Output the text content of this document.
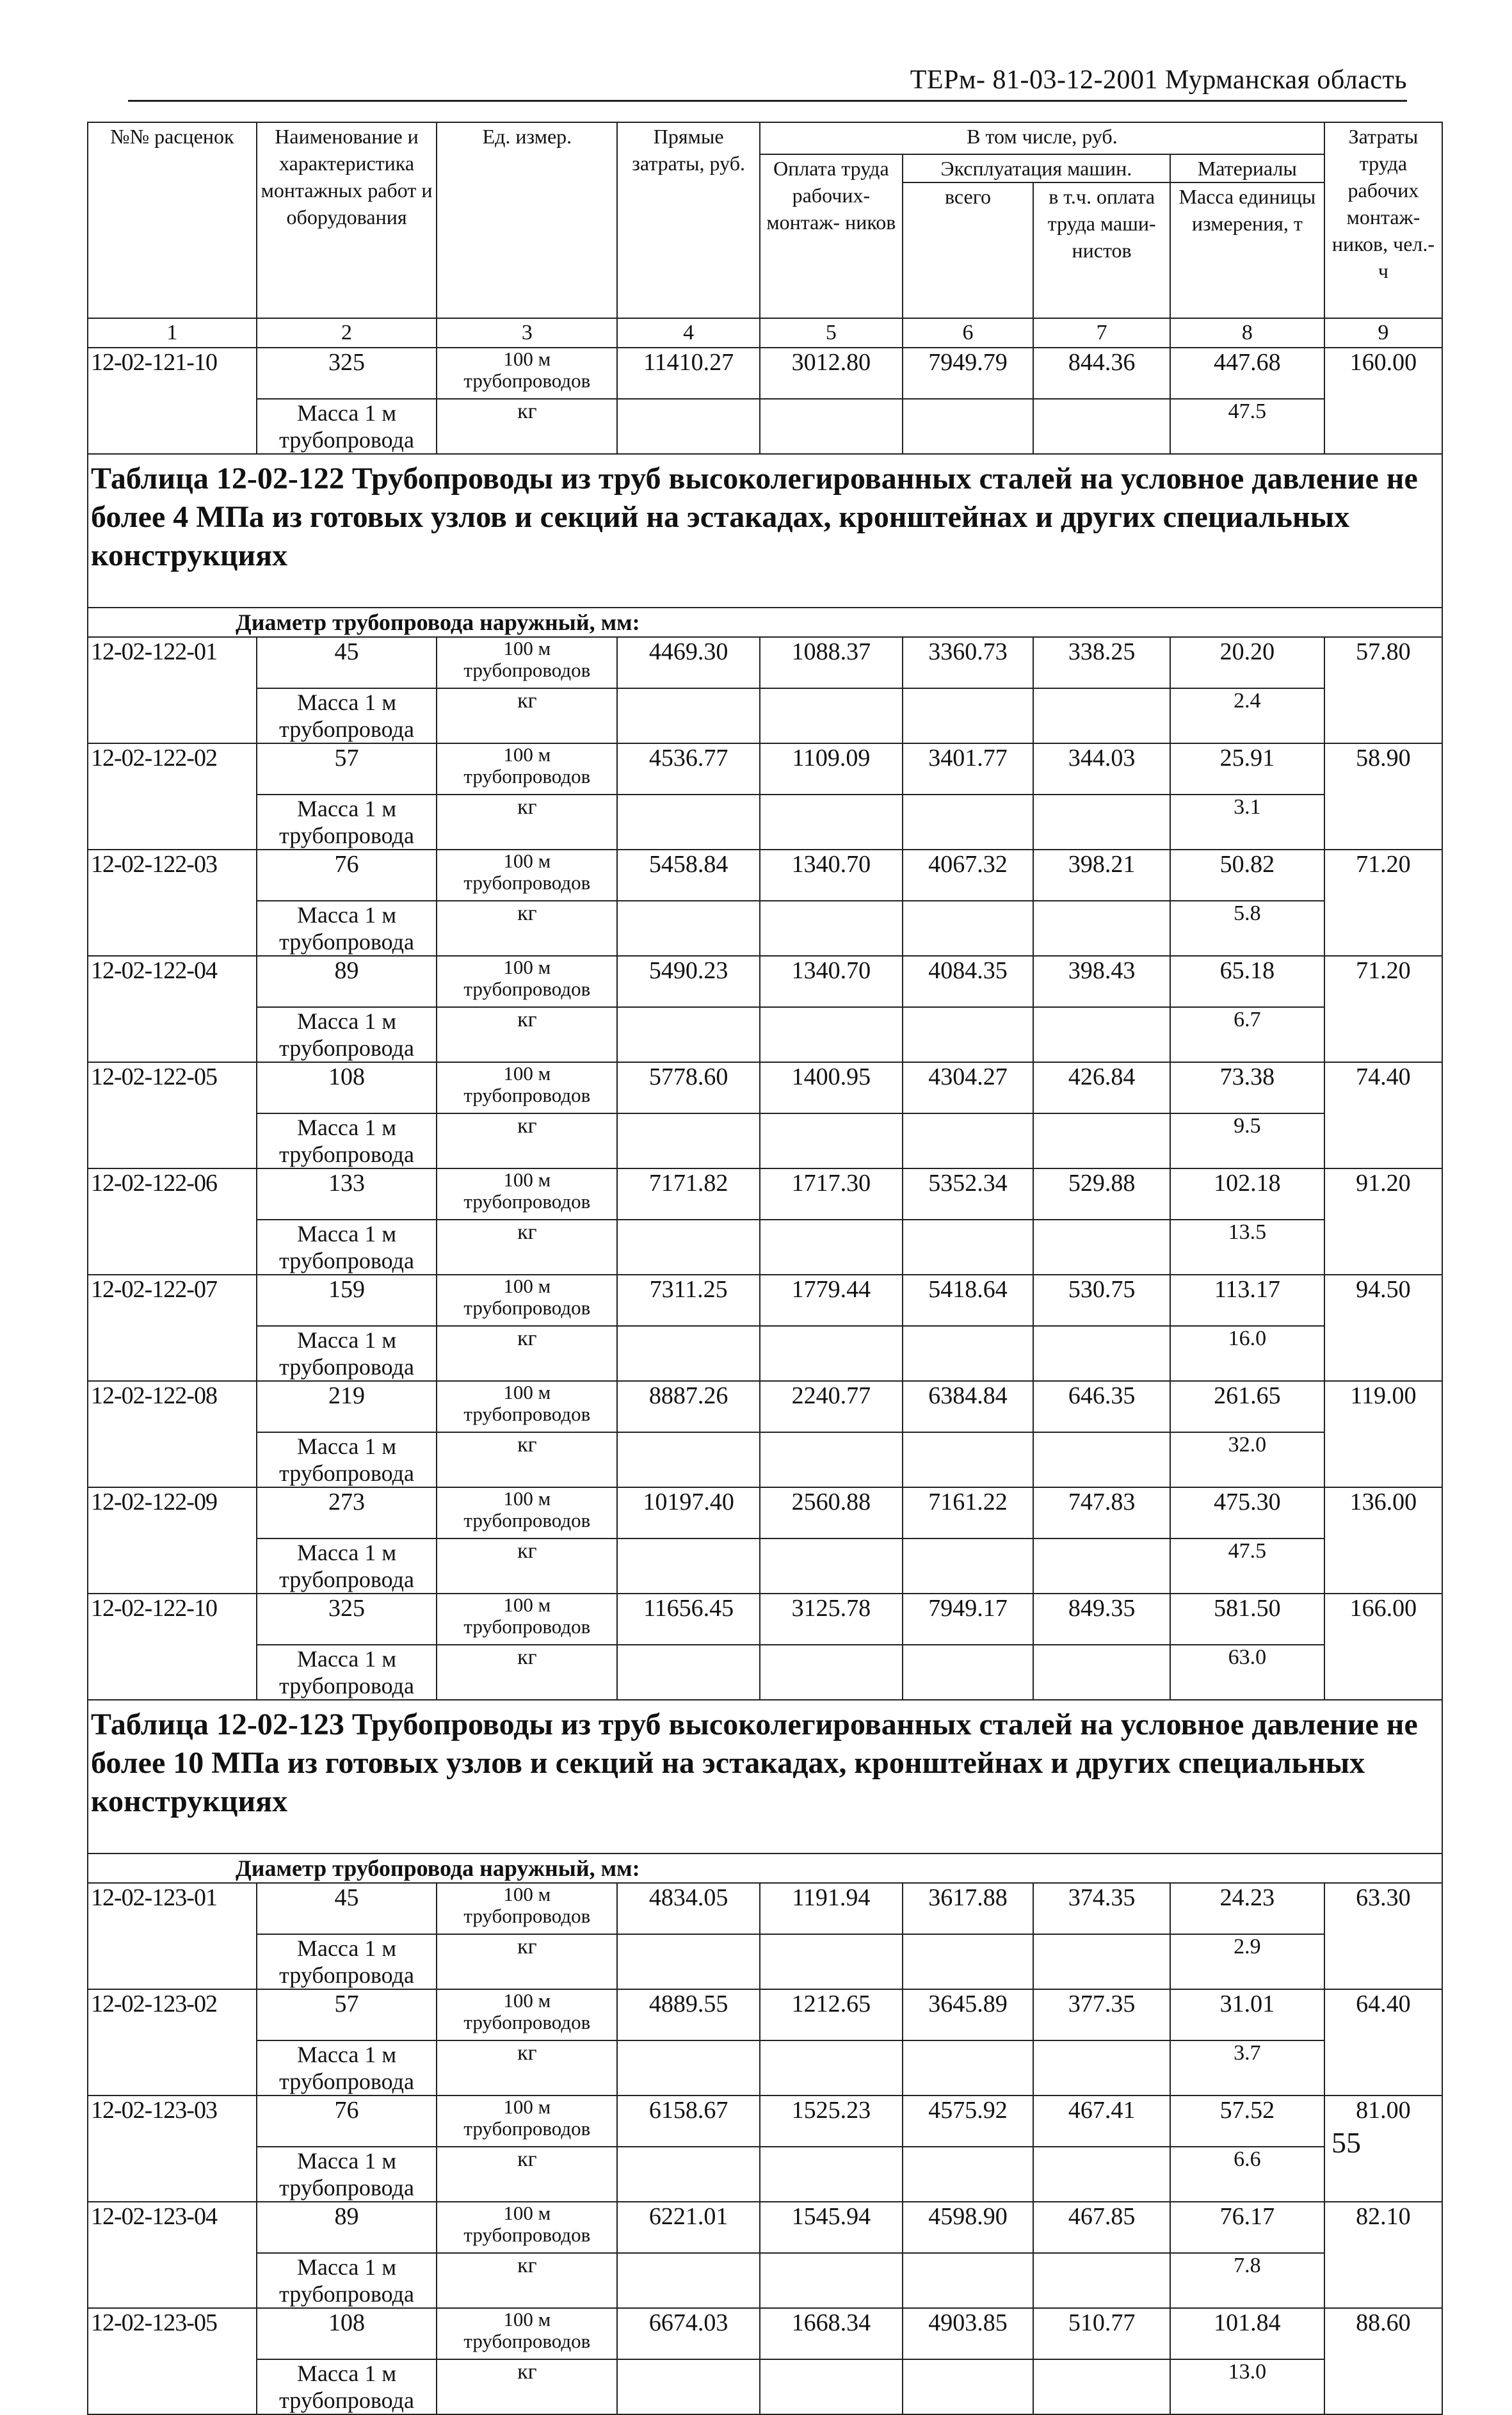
ТЕРм- 81-03-12-2001 Мурманская область
№№ расценок	Наименование и характеристика монтажных работ и оборудования	Ед. измер.	Прямые затраты, руб.	В том числе, руб.				Затраты труда рабочих монтаж- ников, чел.-ч
				Оплата труда рабочих-монтаж- ников	Эксплуатация машин.		Материалы	
					всего	в т.ч. оплата труда маши- нистов	Масса единицы измерения, т	
1	2	3	4	5	6	7	8	9
12-02-121-10	325	100 м трубопроводов	11410.27	3012.80	7949.79	844.36	447.68	160.00
	Масса 1 м трубопровода	кг					47.5	
Таблица 12-02-122 Трубопроводы из труб высоколегированных сталей на условное давление не более 4 МПа из готовых узлов и секций на эстакадах, кронштейнах и других специальных конструкциях								
Диаметр трубопровода наружный, мм:								
12-02-122-01	45	100 м трубопроводов	4469.30	1088.37	3360.73	338.25	20.20	57.80
	Масса 1 м трубопровода	кг					2.4	
12-02-122-02	57	100 м трубопроводов	4536.77	1109.09	3401.77	344.03	25.91	58.90
	Масса 1 м трубопровода	кг					3.1	
12-02-122-03	76	100 м трубопроводов	5458.84	1340.70	4067.32	398.21	50.82	71.20
	Масса 1 м трубопровода	кг					5.8	
12-02-122-04	89	100 м трубопроводов	5490.23	1340.70	4084.35	398.43	65.18	71.20
	Масса 1 м трубопровода	кг					6.7	
12-02-122-05	108	100 м трубопроводов	5778.60	1400.95	4304.27	426.84	73.38	74.40
	Масса 1 м трубопровода	кг					9.5	
12-02-122-06	133	100 м трубопроводов	7171.82	1717.30	5352.34	529.88	102.18	91.20
	Масса 1 м трубопровода	кг					13.5	
12-02-122-07	159	100 м трубопроводов	7311.25	1779.44	5418.64	530.75	113.17	94.50
	Масса 1 м трубопровода	кг					16.0	
12-02-122-08	219	100 м трубопроводов	8887.26	2240.77	6384.84	646.35	261.65	119.00
	Масса 1 м трубопровода	кг					32.0	
12-02-122-09	273	100 м трубопроводов	10197.40	2560.88	7161.22	747.83	475.30	136.00
	Масса 1 м трубопровода	кг					47.5	
12-02-122-10	325	100 м трубопроводов	11656.45	3125.78	7949.17	849.35	581.50	166.00
	Масса 1 м трубопровода	кг					63.0	
Таблица 12-02-123 Трубопроводы из труб высоколегированных сталей на условное давление не более 10 МПа из готовых узлов и секций на эстакадах, кронштейнах и других специальных конструкциях								
Диаметр трубопровода наружный, мм:								
12-02-123-01	45	100 м трубопроводов	4834.05	1191.94	3617.88	374.35	24.23	63.30
	Масса 1 м трубопровода	кг					2.9	
12-02-123-02	57	100 м трубопроводов	4889.55	1212.65	3645.89	377.35	31.01	64.40
	Масса 1 м трубопровода	кг					3.7	
12-02-123-03	76	100 м трубопроводов	6158.67	1525.23	4575.92	467.41	57.52	81.00
	Масса 1 м трубопровода	кг					6.6	
12-02-123-04	89	100 м трубопроводов	6221.01	1545.94	4598.90	467.85	76.17	82.10
	Масса 1 м трубопровода	кг					7.8	
12-02-123-05	108	100 м трубопроводов	6674.03	1668.34	4903.85	510.77	101.84	88.60
	Масса 1 м трубопровода	кг					13.0	
55
